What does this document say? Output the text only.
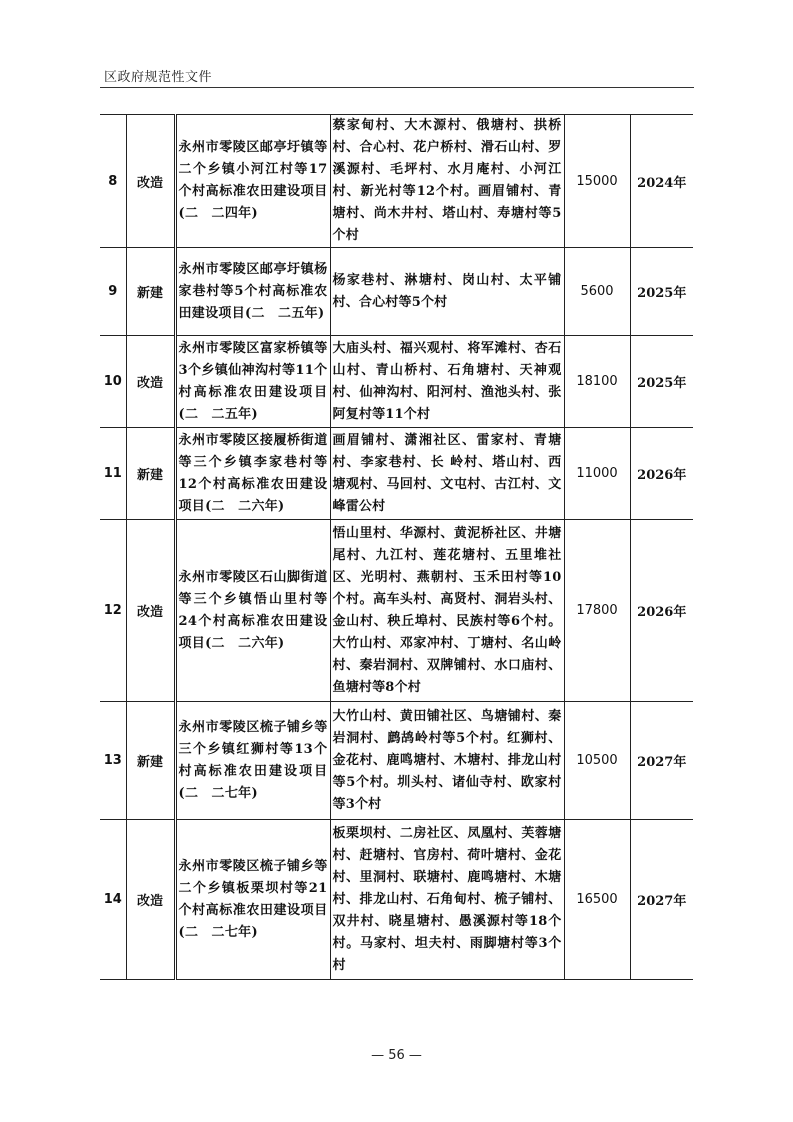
区政府规范性文件
8	改造	永州市零陵区邮亭圩镇等二个乡镇小河江村等17个村高标准农田建设项目(二　二四年)	蔡家甸村、大木源村、俄塘村、拱桥村、合心村、花户桥村、滑石山村、罗溪源村、毛坪村、水月庵村、小河江村、新光村等12个村。画眉铺村、青塘村、尚木井村、塔山村、寿塘村等5个村	15000	2024年
9	新建	永州市零陵区邮亭圩镇杨家巷村等5个村高标准农田建设项目(二　二五年)	杨家巷村、淋塘村、岗山村、太平铺村、合心村等5个村	5600	2025年
10	改造	永州市零陵区富家桥镇等3个乡镇仙神沟村等11个村高标准农田建设项目(二　二五年)	大庙头村、福兴观村、将军滩村、杏石山村、青山桥村、石角塘村、天神观村、仙神沟村、阳河村、渔池头村、张阿复村等11个村	18100	2025年
11	新建	永州市零陵区接履桥街道等三个乡镇李家巷村等12个村高标准农田建设项目(二　二六年)	画眉铺村、潇湘社区、雷家村、青塘村、李家巷村、长 岭村、塔山村、西塘观村、马回村、文屯村、古江村、文峰雷公村	11000	2026年
12	改造	永州市零陵区石山脚街道等三个乡镇悟山里村等24个村高标准农田建设项目(二　二六年)	悟山里村、华源村、黄泥桥社区、井塘尾村、九江村、莲花塘村、五里堆社区、光明村、燕朝村、玉禾田村等10个村。高车头村、高贤村、洞岩头村、金山村、秧丘埠村、民族村等6个村。大竹山村、邓家冲村、丁塘村、名山岭村、秦岩洞村、双牌铺村、水口庙村、鱼塘村等8个村	17800	2026年
13	新建	永州市零陵区梳子铺乡等三个乡镇红狮村等13个村高标准农田建设项目(二　二七年)	大竹山村、黄田铺社区、鸟塘铺村、秦岩洞村、鹧鸪岭村等5个村。红狮村、金花村、鹿鸣塘村、木塘村、排龙山村等5个村。圳头村、诸仙寺村、欧家村等3个村	10500	2027年
14	改造	永州市零陵区梳子铺乡等二个乡镇板栗坝村等21个村高标准农田建设项目(二　二七年)	板栗坝村、二房社区、凤凰村、芙蓉塘村、赶塘村、官房村、荷叶塘村、金花村、里洞村、联塘村、鹿鸣塘村、木塘村、排龙山村、石角甸村、梳子铺村、双井村、晓星塘村、愚溪源村等18个村。马家村、坦夫村、雨脚塘村等3个村	16500	2027年
— 56 —
